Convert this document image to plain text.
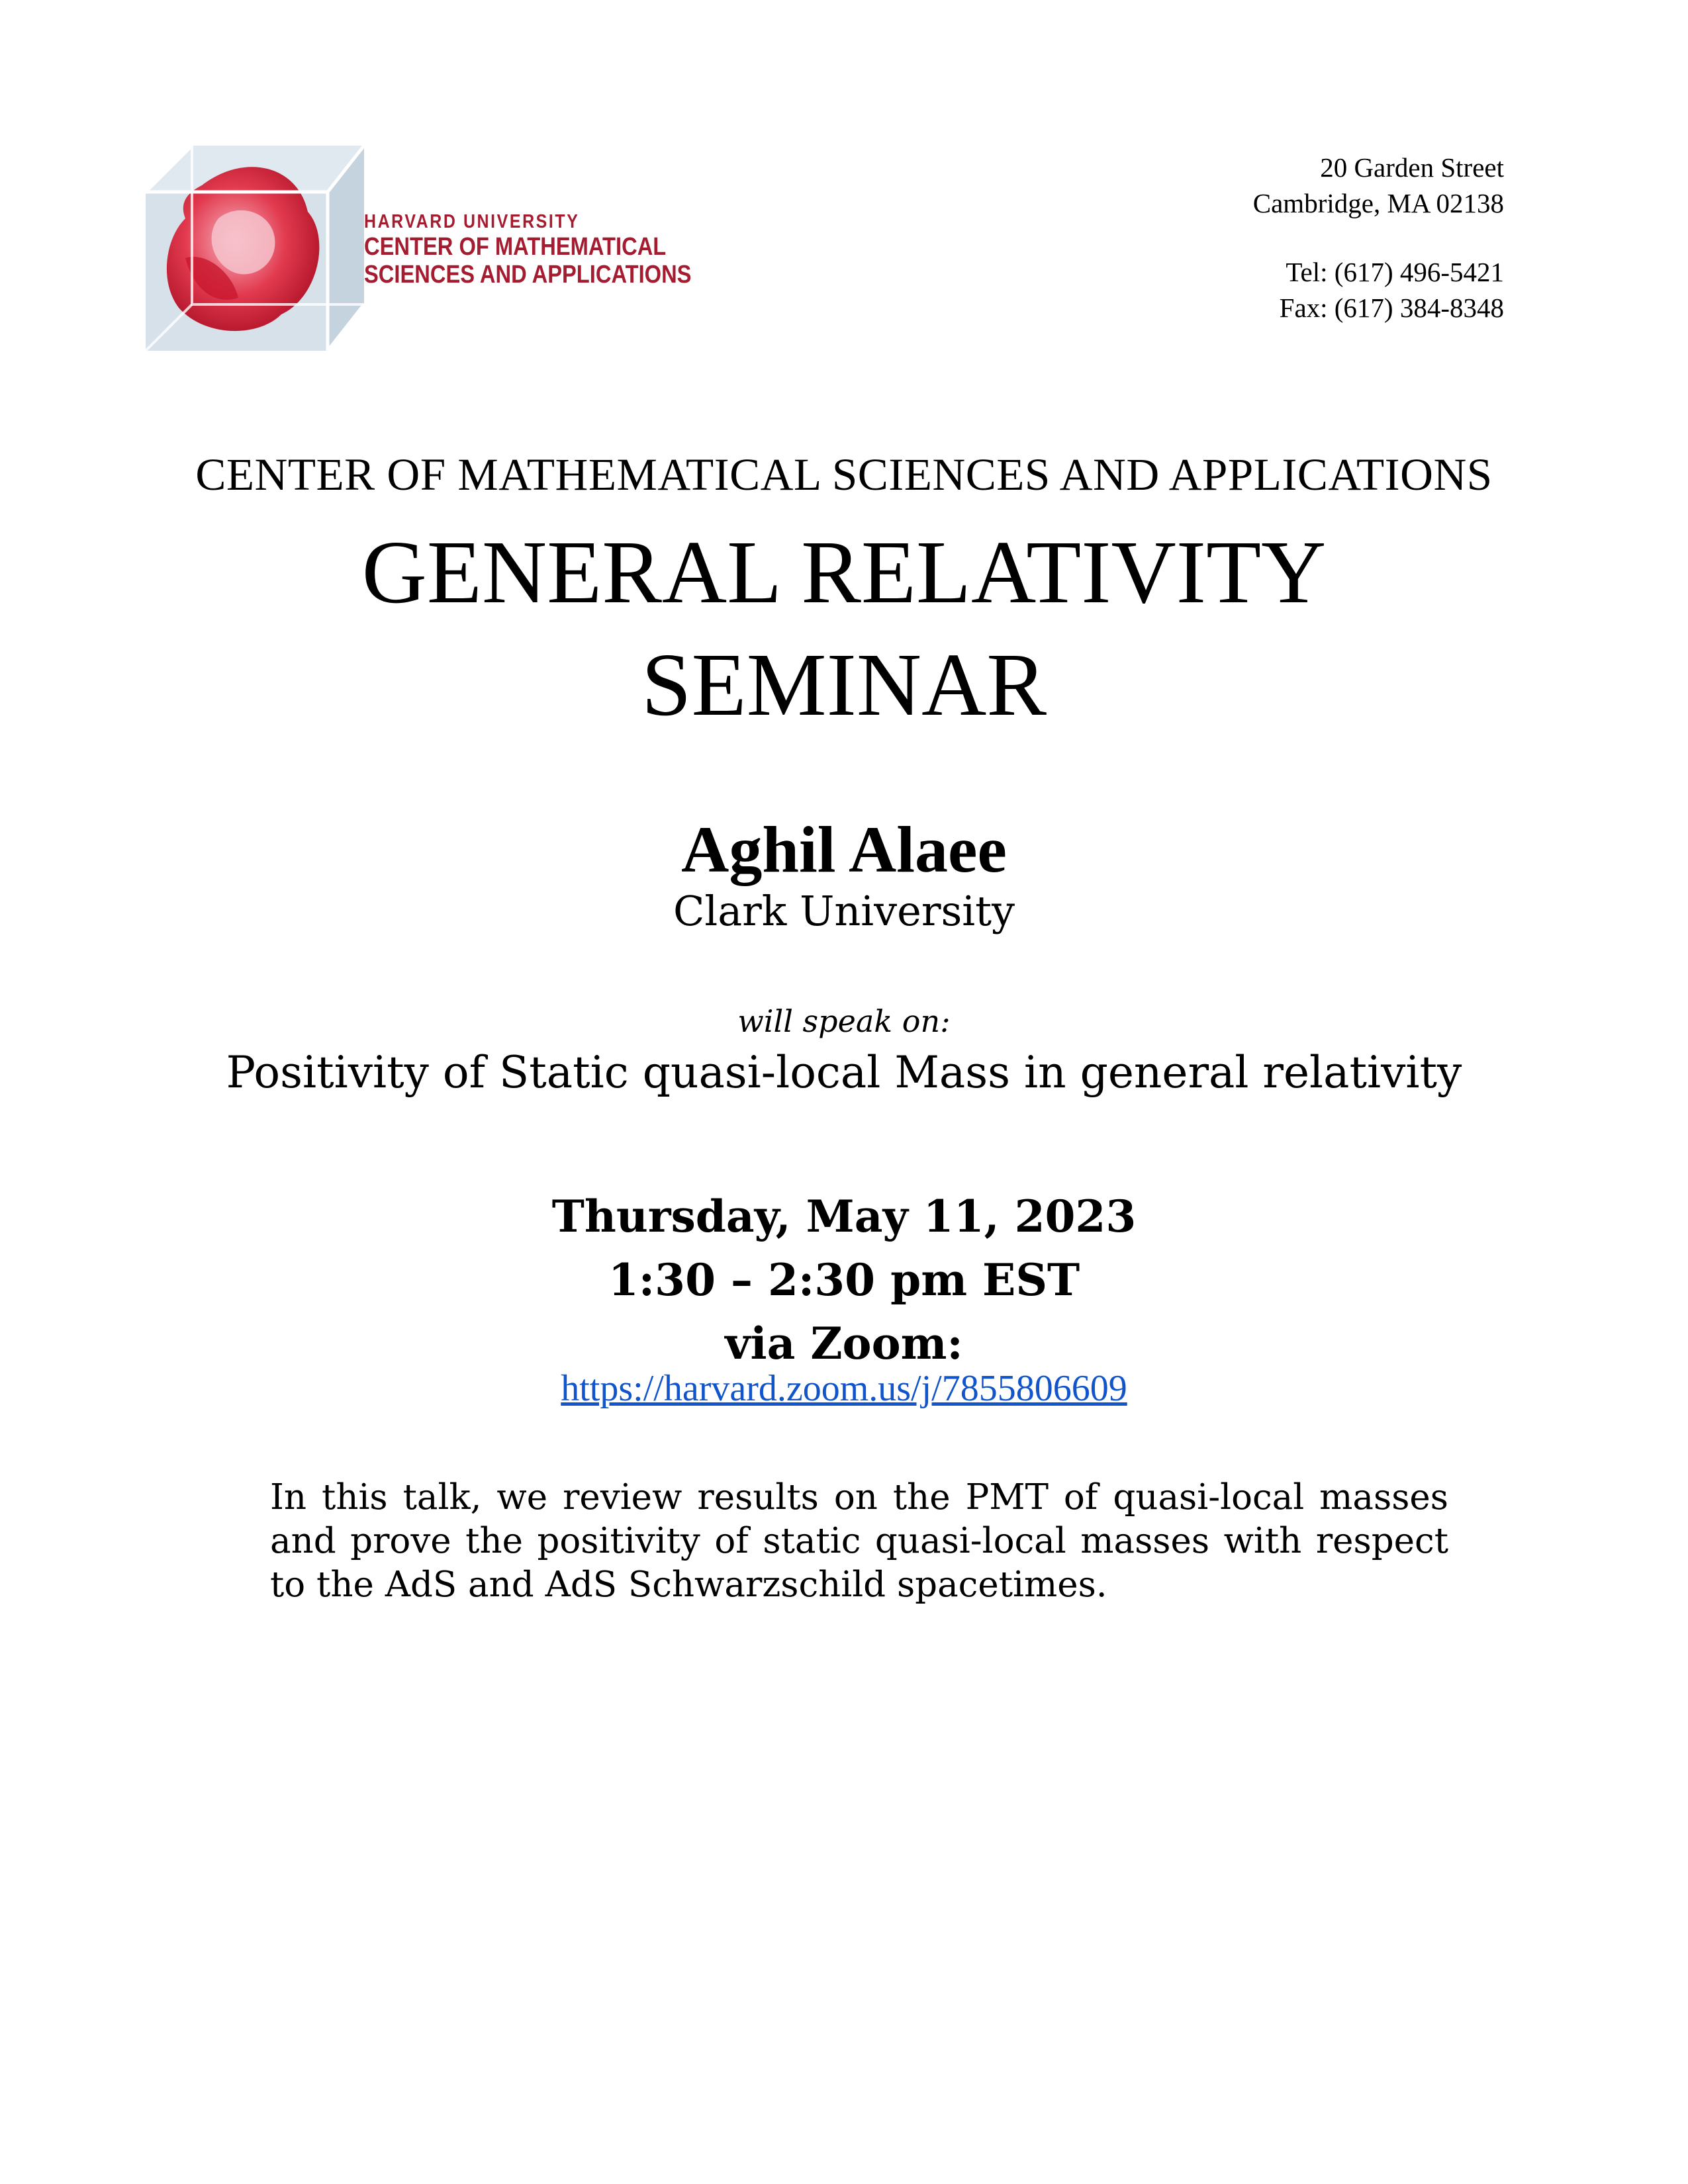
HARVARD UNIVERSITY
CENTER OF MATHEMATICAL
SCIENCES AND APPLICATIONS
20 Garden Street
Cambridge, MA 02138
Tel: (617) 496-5421
Fax: (617) 384-8348
CENTER OF MATHEMATICAL SCIENCES AND APPLICATIONS
GENERAL RELATIVITY
SEMINAR
Aghil Alaee
Clark University
will speak on:
Positivity of Static quasi-local Mass in general relativity
Thursday, May 11, 2023
1:30 – 2:30 pm EST
via Zoom:
https://harvard.zoom.us/j/7855806609
In this talk, we review results on the PMT of quasi-local masses and prove the positivity of static quasi-local masses with respect to the AdS and AdS Schwarzschild spacetimes.
